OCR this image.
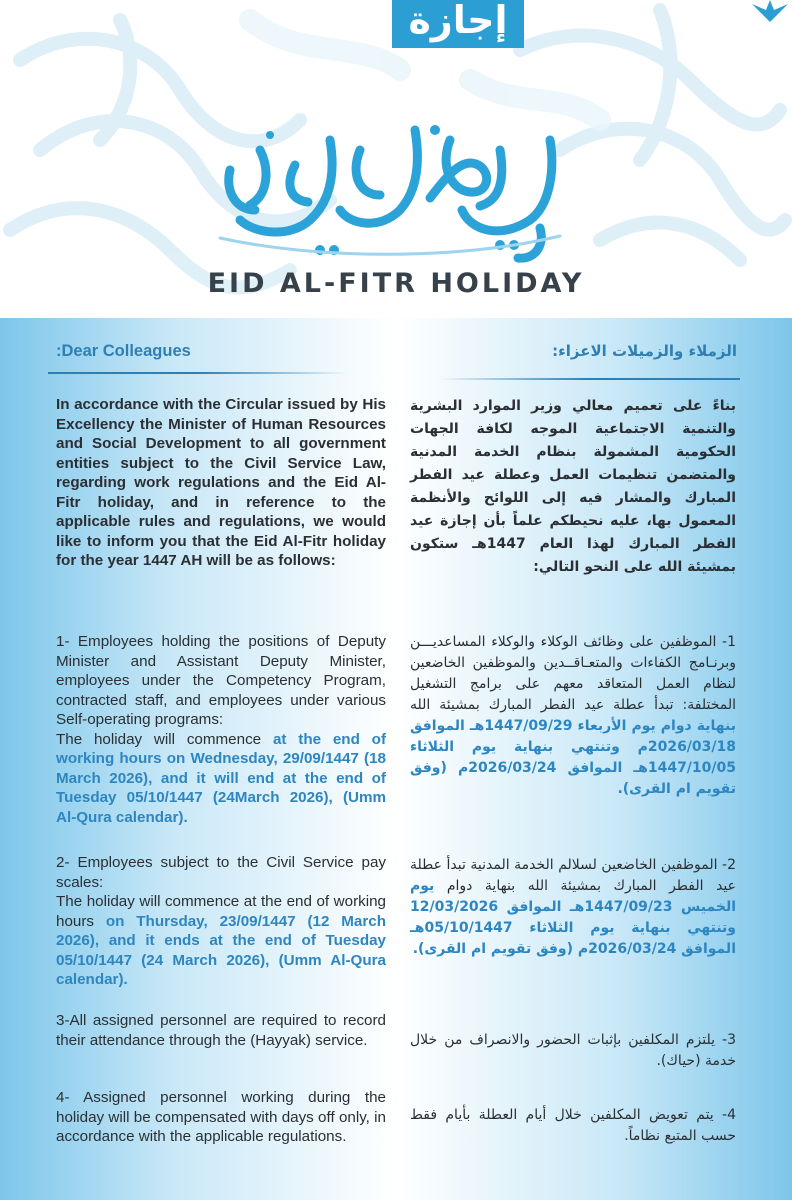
إجازة
EID AL-FITR HOLIDAY
:Dear Colleagues	الزملاء والزميلات الاعزاء:

In accordance with the Circular issued by His Excellency the Minister of Human Resources and Social Development to all government entities subject to the Civil Service Law, regarding work regulations and the Eid Al-Fitr holiday, and in reference to the applicable rules and regulations, we would like to inform you that the Eid Al-Fitr holiday for the year 1447 AH will be as follows:

بناءً على تعميم معالي وزير الموارد البشرية والتنمية الاجتماعية الموجه لكافة الجهات الحكومية المشمولة بنظام الخدمة المدنية والمتضمن تنظيمات العمل وعطلة عيد الفطر المبارك والمشار فيه إلى اللوائح والأنظمة المعمول بها، عليه نحيطكم علماً بأن إجازة عيد الفطر المبارك لهذا العام 1447هـ ستكون بمشيئة الله على النحو التالي:

1- Employees holding the positions of Deputy Minister and Assistant Deputy Minister, employees under the Competency Program, contracted staff, and employees under various Self-operating programs:
The holiday will commence at the end of working hours on Wednesday, 29/09/1447 (18 March 2026), and it will end at the end of Tuesday 05/10/1447 (24March 2026), (Umm Al-Qura calendar).

2- Employees subject to the Civil Service pay scales:
The holiday will commence at the end of working hours on Thursday, 23/09/1447 (12 March 2026), and it ends at the end of Tuesday 05/10/1447 (24 March 2026), (Umm Al-Qura calendar).

3-All assigned personnel are required to record their attendance through the (Hayyak) service.

4- Assigned personnel working during the holiday will be compensated with days off only, in accordance with the applicable regulations.

1- الموظفين على وظائف الوكلاء والوكلاء المساعديـــن وبرنـامج الكفاءات والمتعـاقــدين والموظفين الخاضعين لنظام العمل المتعاقد معهم على برامج التشغيل المختلفة: تبدأ عطلة عيد الفطر المبارك بمشيئة الله بنهاية دوام يوم الأربعاء 1447/09/29هـ الموافق 2026/03/18م وتنتهي بنهاية يوم الثلاثاء 1447/10/05هـ الموافق 2026/03/24م (وفق تقويم ام القرى).

2- الموظفين الخاضعين لسلالم الخدمة المدنية تبدأ عطلة عيد الفطر المبارك بمشيئة الله بنهاية دوام يوم الخميس 1447/09/23هـ الموافق 12/03/2026 وتنتهي بنهاية يوم الثلاثاء 05/10/1447هـ الموافق 2026/03/24م (وفق تقويم ام القرى).

3- يلتزم المكلفين بإثبات الحضور والانصراف من خلال خدمة (حياك).

4- يتم تعويض المكلفين خلال أيام العطلة بأيام فقط حسب المتبع نظاماً.
